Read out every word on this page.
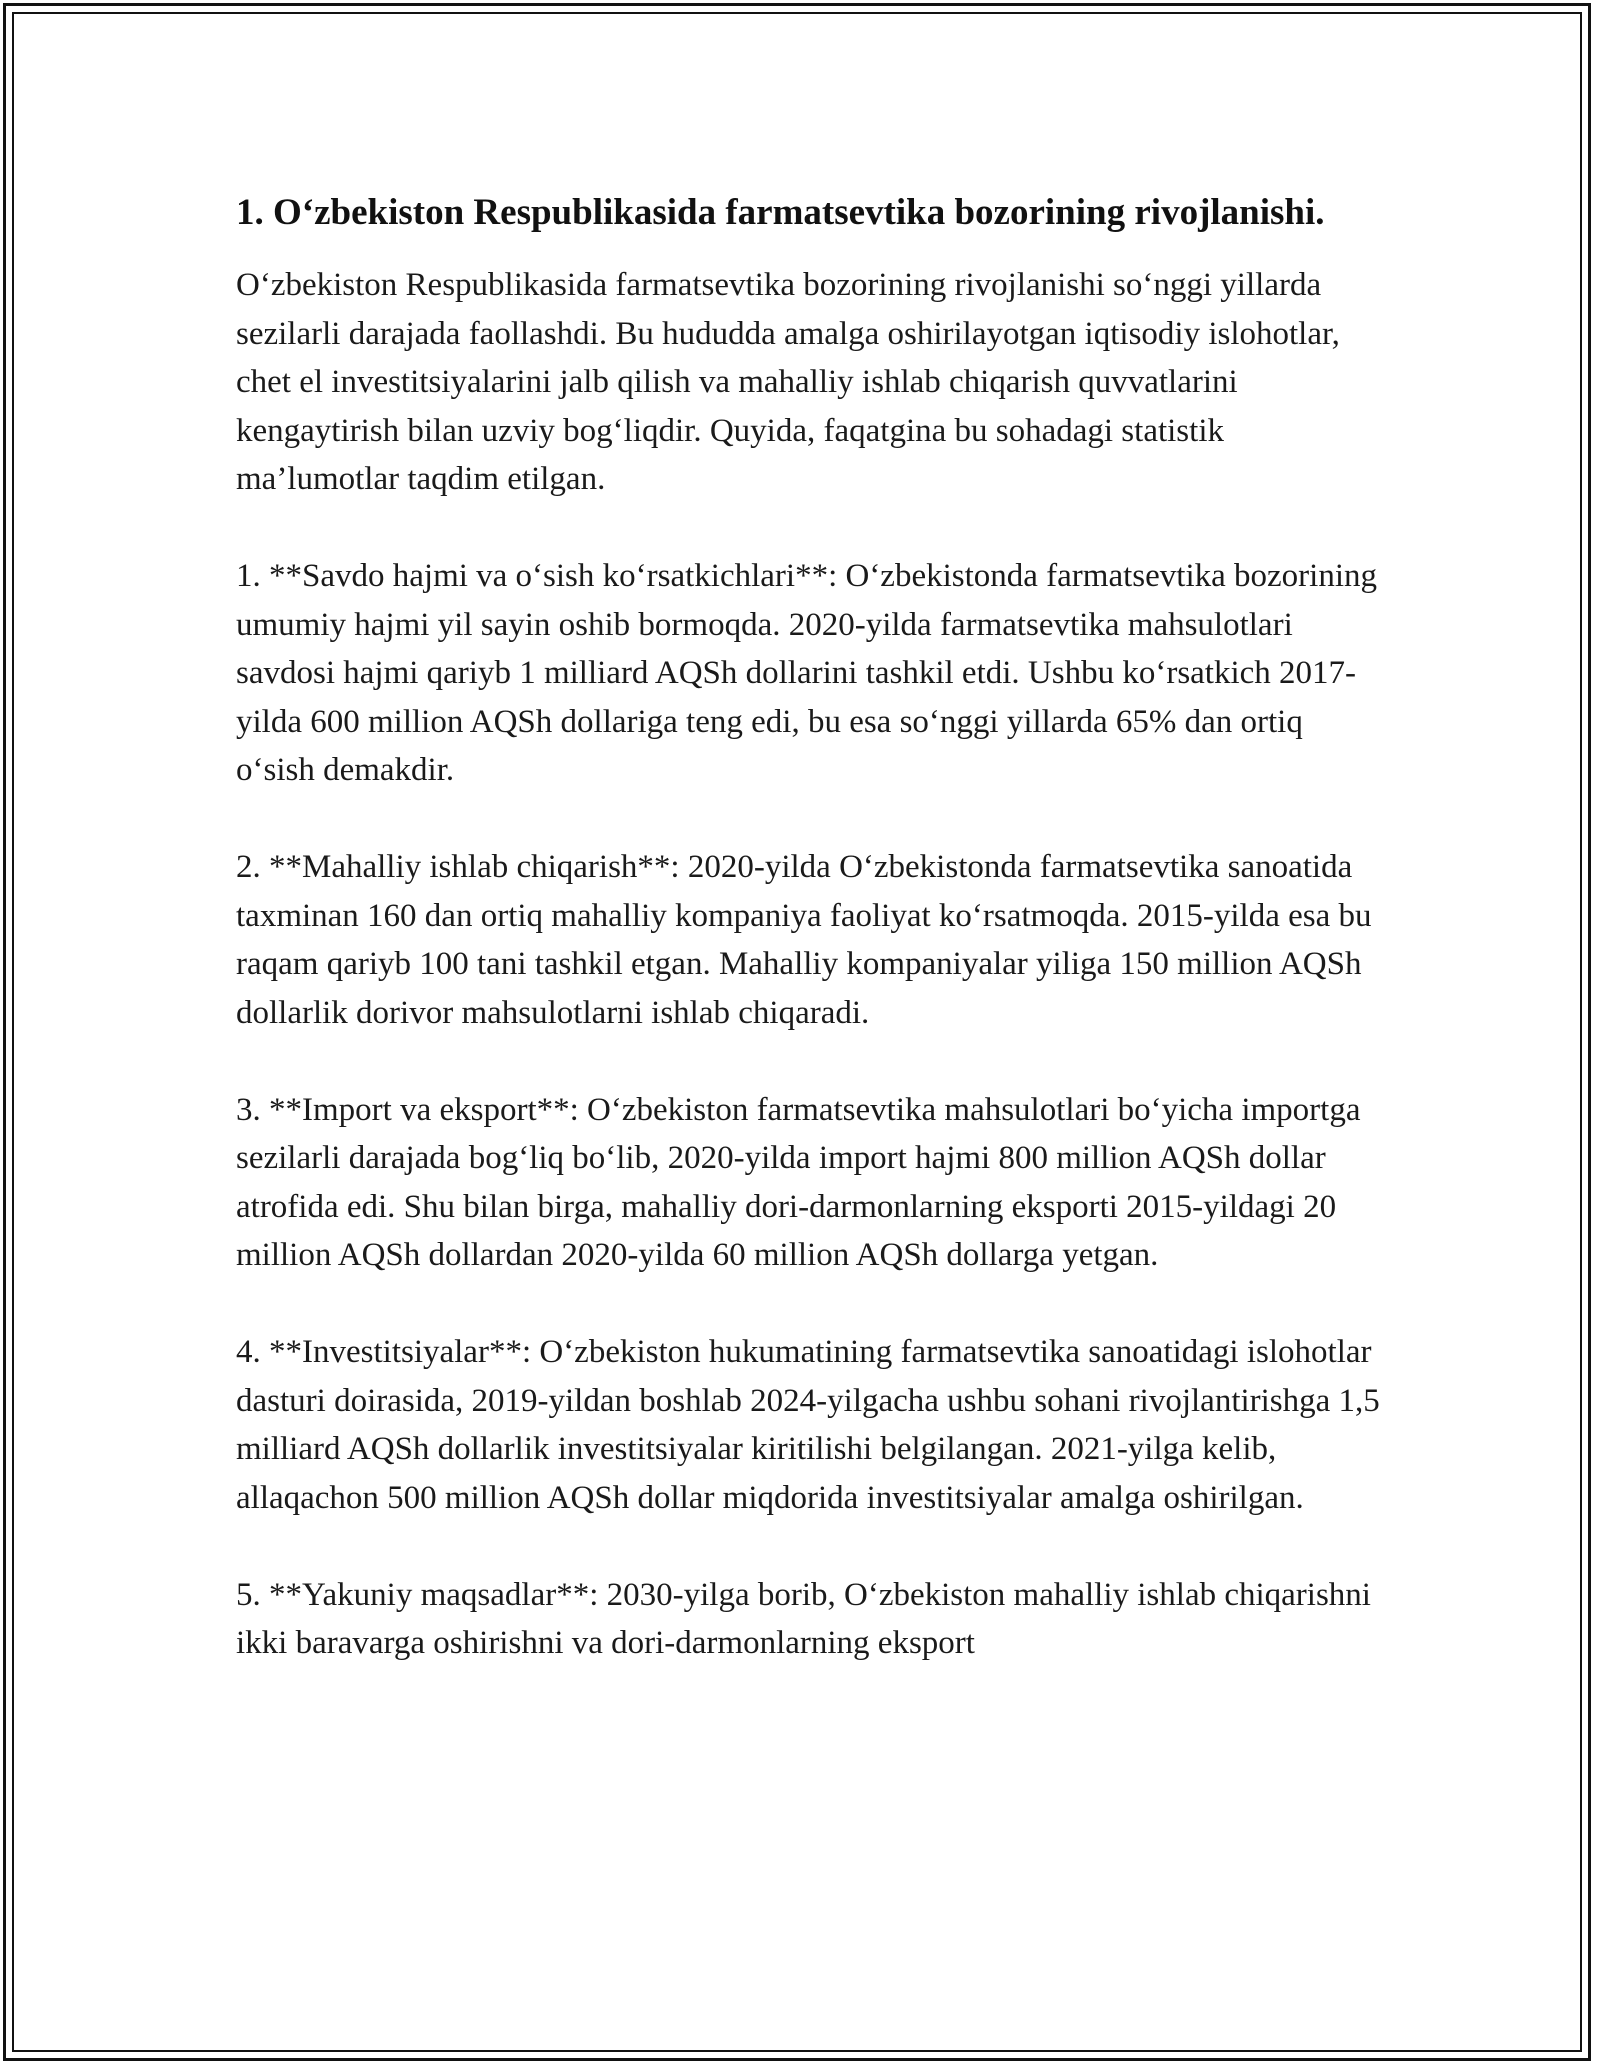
1. O‘zbekiston Respublikasida farmatsevtika bozorining rivojlanishi.

O‘zbekiston Respublikasida farmatsevtika bozorining rivojlanishi so‘nggi yillarda sezilarli darajada faollashdi. Bu hududda amalga oshirilayotgan iqtisodiy islohotlar, chet el investitsiyalarini jalb qilish va mahalliy ishlab chiqarish quvvatlarini kengaytirish bilan uzviy bog‘liqdir. Quyida, faqatgina bu sohadagi statistik ma’lumotlar taqdim etilgan.

1. **Savdo hajmi va o‘sish ko‘rsatkichlari**: O‘zbekistonda farmatsevtika bozorining umumiy hajmi yil sayin oshib bormoqda. 2020-yilda farmatsevtika mahsulotlari savdosi hajmi qariyb 1 milliard AQSh dollarini tashkil etdi. Ushbu ko‘rsatkich 2017-yilda 600 million AQSh dollariga teng edi, bu esa so‘nggi yillarda 65% dan ortiq o‘sish demakdir.

2. **Mahalliy ishlab chiqarish**: 2020-yilda O‘zbekistonda farmatsevtika sanoatida taxminan 160 dan ortiq mahalliy kompaniya faoliyat ko‘rsatmoqda. 2015-yilda esa bu raqam qariyb 100 tani tashkil etgan. Mahalliy kompaniyalar yiliga 150 million AQSh dollarlik dorivor mahsulotlarni ishlab chiqaradi.

3. **Import va eksport**: O‘zbekiston farmatsevtika mahsulotlari bo‘yicha importga sezilarli darajada bog‘liq bo‘lib, 2020-yilda import hajmi 800 million AQSh dollar atrofida edi. Shu bilan birga, mahalliy dori-darmonlarning eksporti 2015-yildagi 20 million AQSh dollardan 2020-yilda 60 million AQSh dollarga yetgan.

4. **Investitsiyalar**: O‘zbekiston hukumatining farmatsevtika sanoatidagi islohotlar dasturi doirasida, 2019-yildan boshlab 2024-yilgacha ushbu sohani rivojlantirishga 1,5 milliard AQSh dollarlik investitsiyalar kiritilishi belgilangan. 2021-yilga kelib, allaqachon 500 million AQSh dollar miqdorida investitsiyalar amalga oshirilgan.

5. **Yakuniy maqsadlar**: 2030-yilga borib, O‘zbekiston mahalliy ishlab chiqarishni ikki baravarga oshirishni va dori-darmonlarning eksport
